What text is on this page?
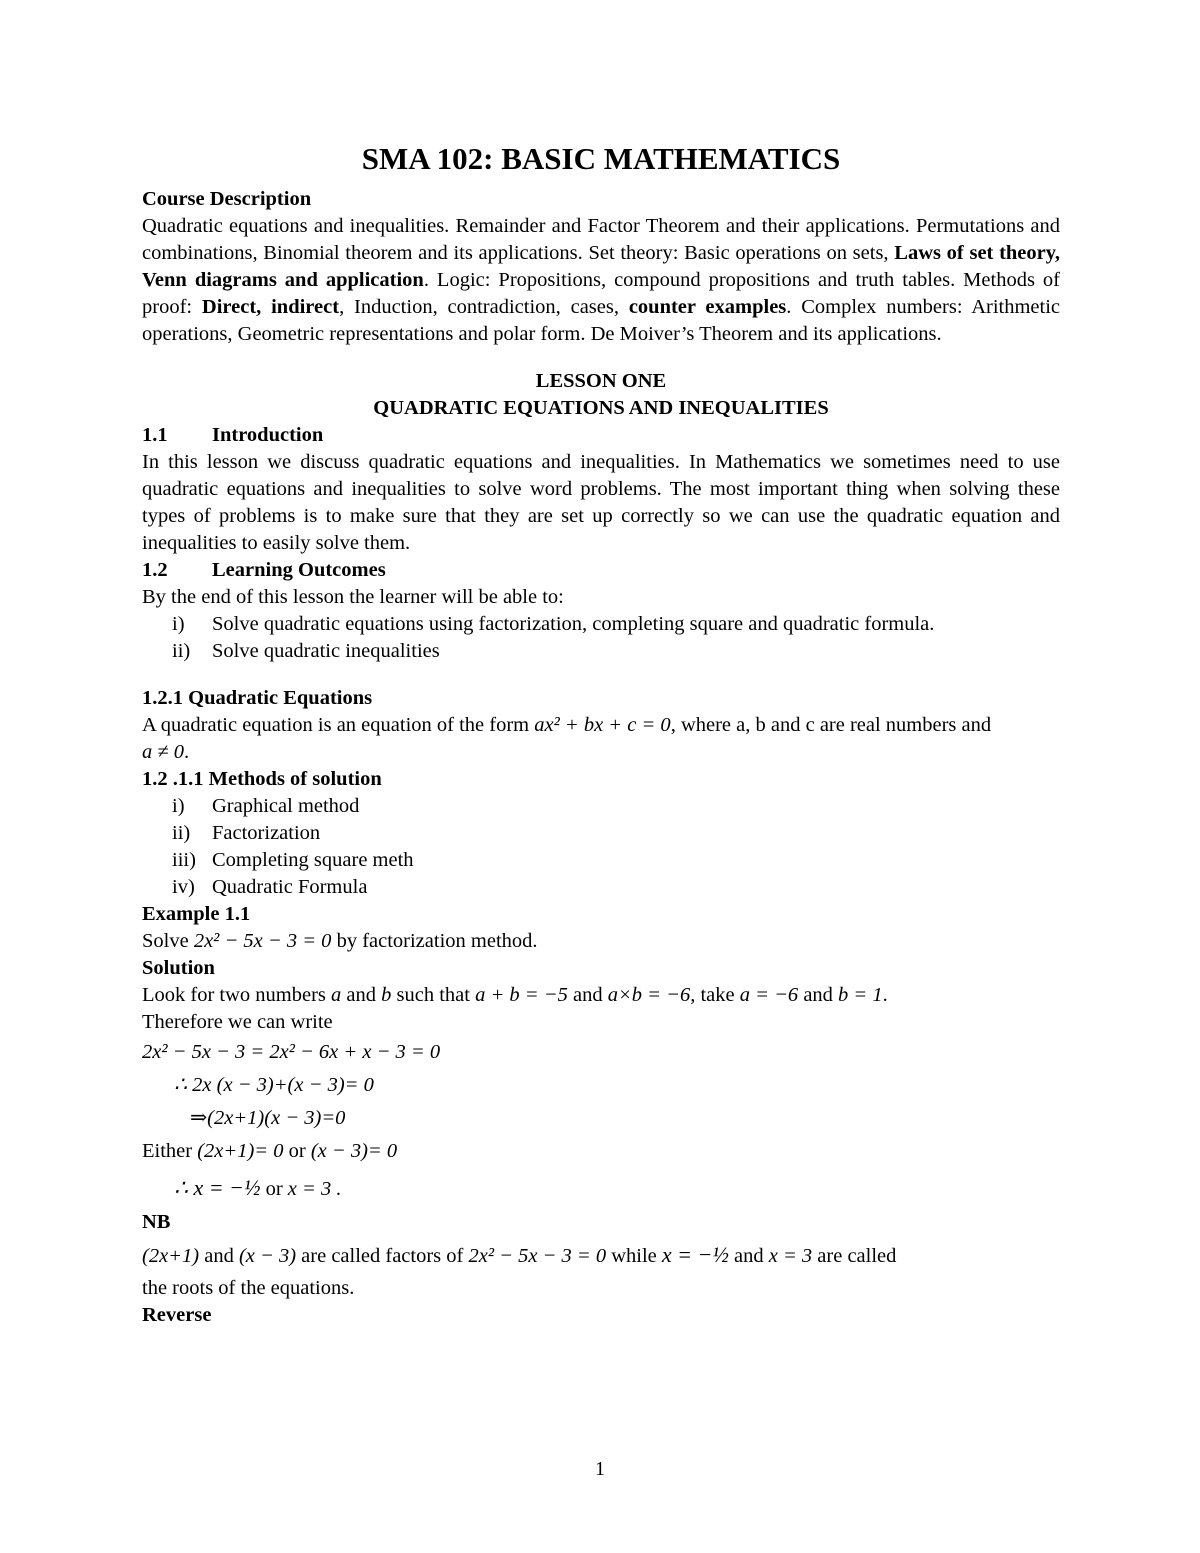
SMA 102: BASIC MATHEMATICS

Course Description

Quadratic equations and inequalities. Remainder and Factor Theorem and their applications. Permutations and combinations, Binomial theorem and its applications. Set theory: Basic operations on sets, Laws of set theory, Venn diagrams and application. Logic: Propositions, compound propositions and truth tables. Methods of proof: Direct, indirect, Induction, contradiction, cases, counter examples. Complex numbers: Arithmetic operations, Geometric representations and polar form. De Moiver’s Theorem and its applications.

LESSON ONE

QUADRATIC EQUATIONS AND INEQUALITIES

1.1 Introduction

In this lesson we discuss quadratic equations and inequalities. In Mathematics we sometimes need to use quadratic equations and inequalities to solve word problems. The most important thing when solving these types of problems is to make sure that they are set up correctly so we can use the quadratic equation and inequalities to easily solve them.

1.2 Learning Outcomes

By the end of this lesson the learner will be able to:

i) Solve quadratic equations using factorization, completing square and quadratic formula.
ii) Solve quadratic inequalities

1.2.1 Quadratic Equations

A quadratic equation is an equation of the form ax² + bx + c = 0, where a, b and c are real numbers and a ≠ 0.

1.2 .1.1 Methods of solution

i) Graphical method
ii) Factorization
iii) Completing square meth
iv) Quadratic Formula

Example 1.1

Solve 2x² − 5x − 3 = 0 by factorization method.

Solution

Look for two numbers a and b such that a + b = −5 and a×b = −6, take a = −6 and b = 1.

Therefore we can write

2x² − 5x − 3 = 2x² − 6x + x − 3 = 0

∴ 2x (x − 3)+(x − 3)= 0

⇒(2x+1)(x − 3)=0

Either (2x+1)= 0 or (x − 3)= 0

∴ x = −½ or x = 3 .

NB

(2x+1) and (x − 3) are called factors of 2x² − 5x − 3 = 0 while x = −½ and x = 3 are called

the roots of the equations.

Reverse

1
